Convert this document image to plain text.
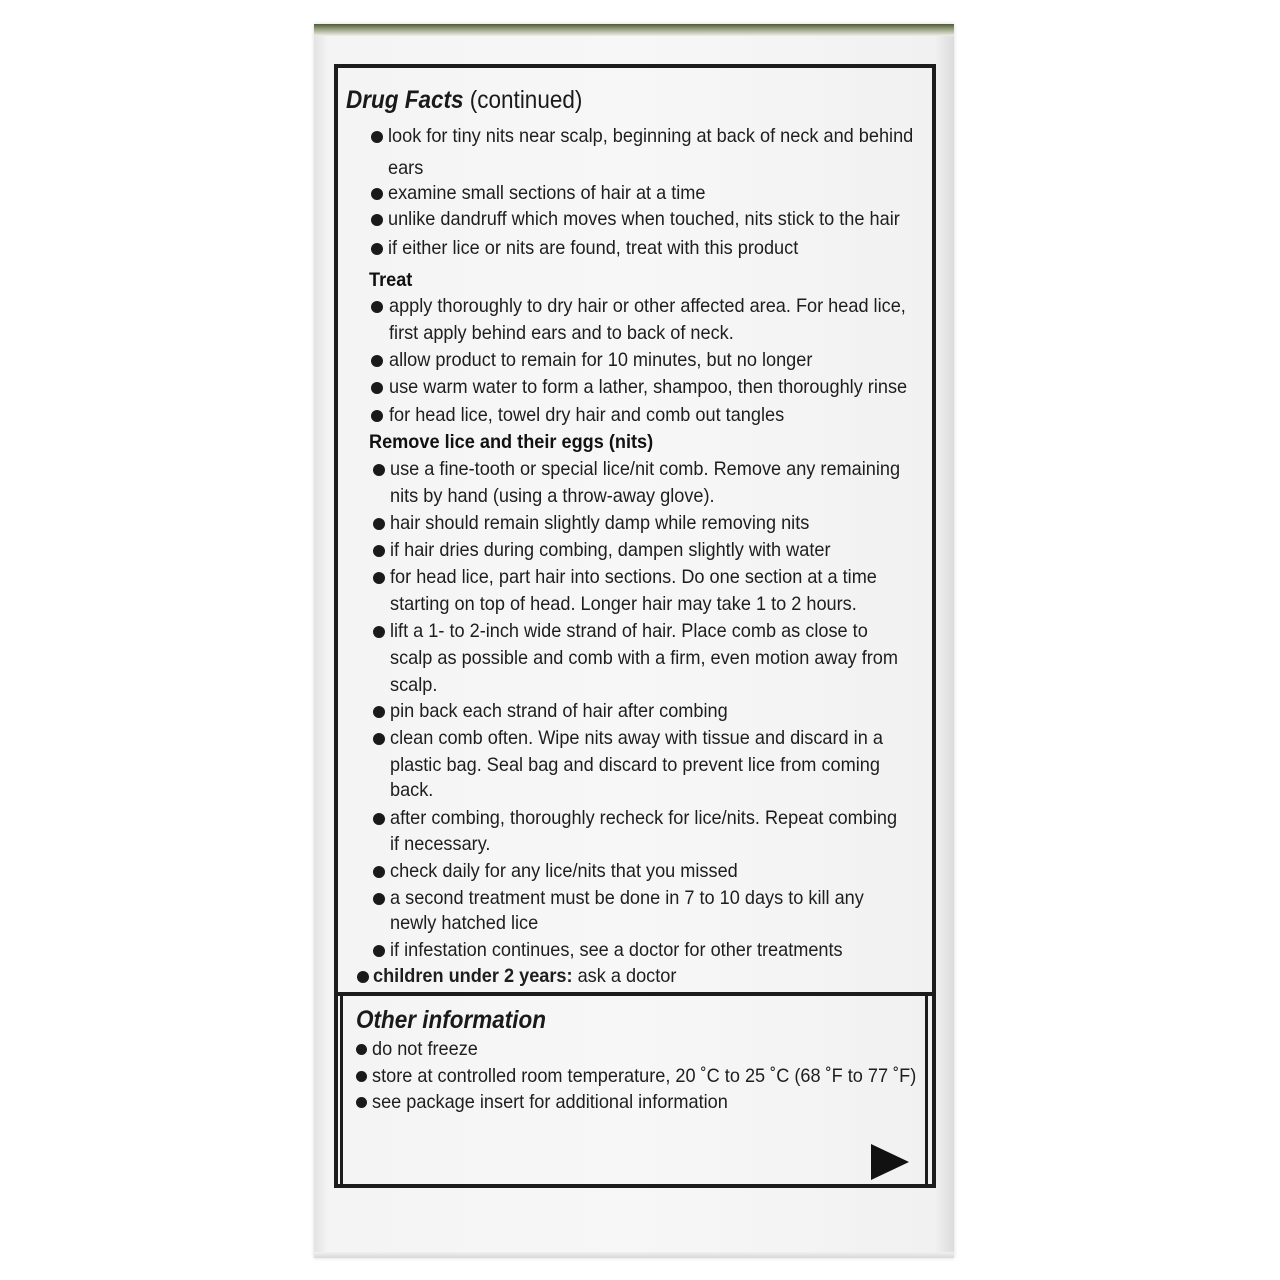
Drug Facts (continued)
look for tiny nits near scalp, beginning at back of neck and behind
ears
examine small sections of hair at a time
unlike dandruff which moves when touched, nits stick to the hair
if either lice or nits are found, treat with this product
Treat
apply thoroughly to dry hair or other affected area. For head lice,
first apply behind ears and to back of neck.
allow product to remain for 10 minutes, but no longer
use warm water to form a lather, shampoo, then thoroughly rinse
for head lice, towel dry hair and comb out tangles
Remove lice and their eggs (nits)
use a fine-tooth or special lice/nit comb. Remove any remaining
nits by hand (using a throw-away glove).
hair should remain slightly damp while removing nits
if hair dries during combing, dampen slightly with water
for head lice, part hair into sections. Do one section at a time
starting on top of head. Longer hair may take 1 to 2 hours.
lift a 1- to 2-inch wide strand of hair. Place comb as close to
scalp as possible and comb with a firm, even motion away from
scalp.
pin back each strand of hair after combing
clean comb often. Wipe nits away with tissue and discard in a
plastic bag. Seal bag and discard to prevent lice from coming
back.
after combing, thoroughly recheck for lice/nits. Repeat combing
if necessary.
check daily for any lice/nits that you missed
a second treatment must be done in 7 to 10 days to kill any
newly hatched lice
if infestation continues, see a doctor for other treatments
children under 2 years: ask a doctor
Other information
do not freeze
store at controlled room temperature, 20 ˚C to 25 ˚C (68 ˚F to 77 ˚F)
see package insert for additional information
